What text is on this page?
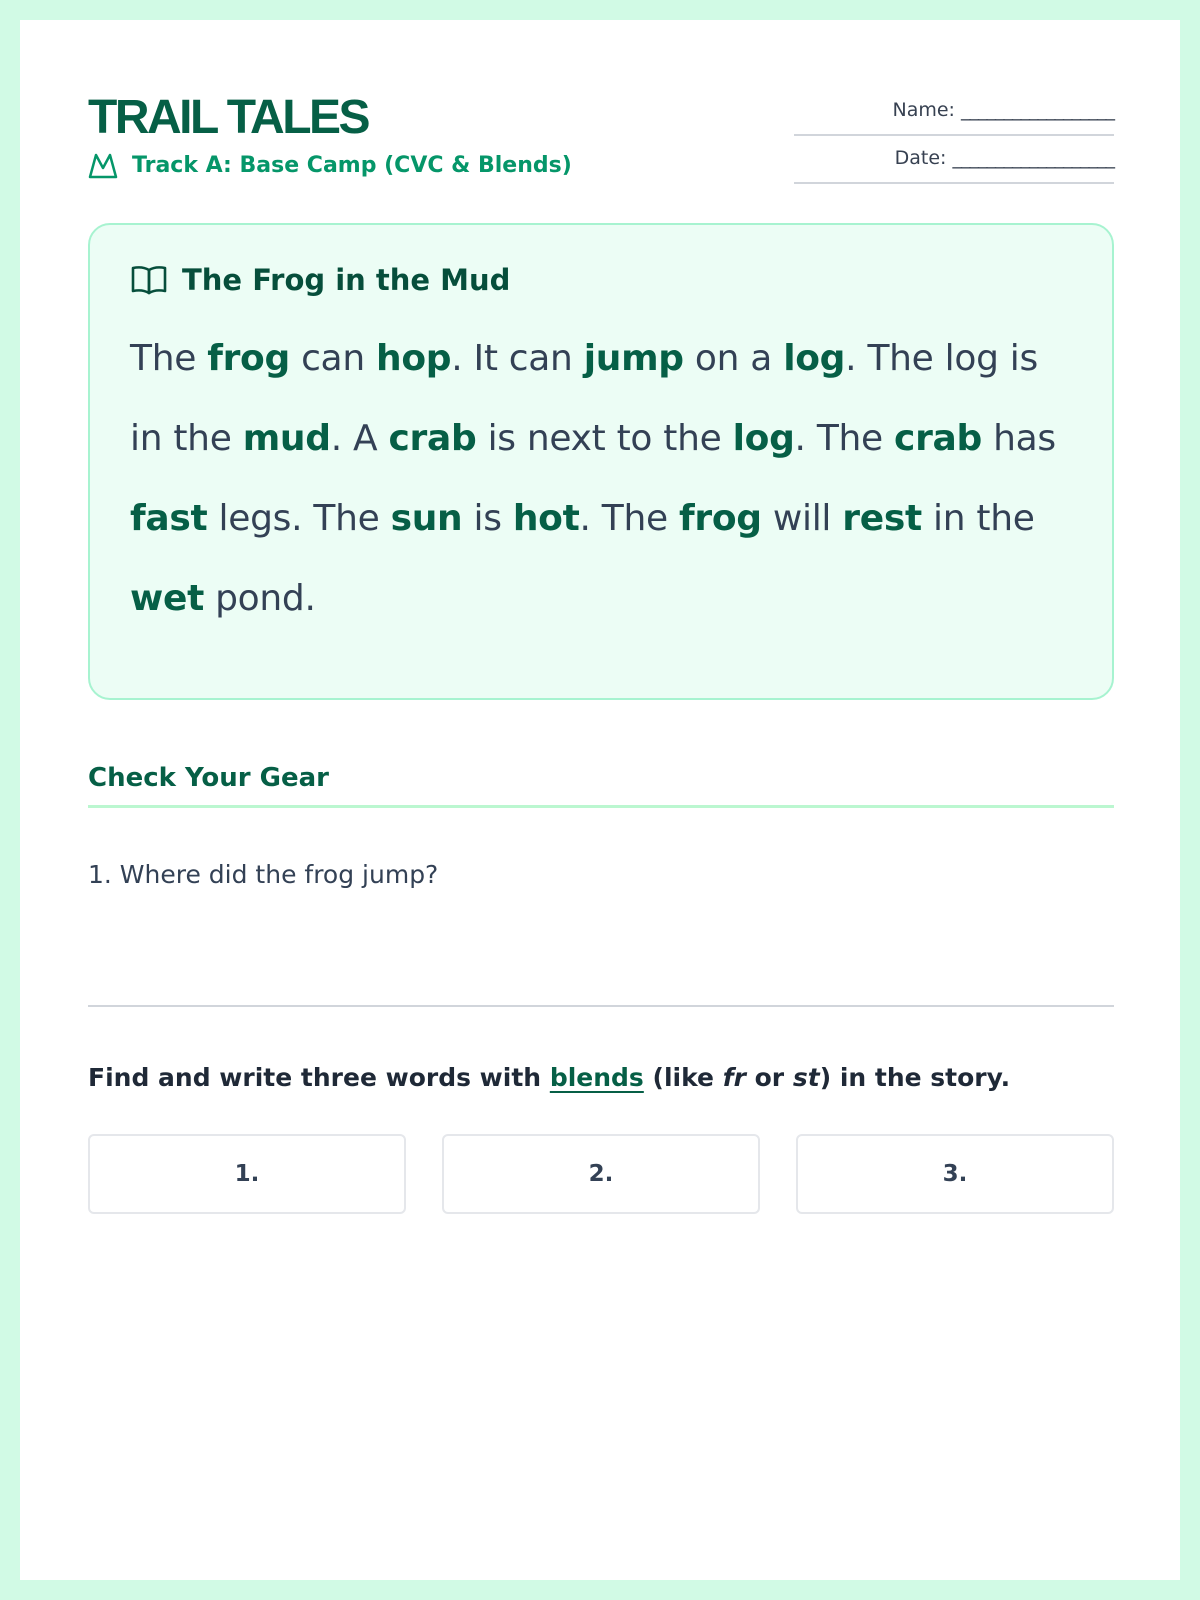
TRAIL TALES
Track A: Base Camp (CVC & Blends)
Name: __________________
Date: ___________________
The Frog in the Mud

The frog can hop. It can jump on a log. The log is in the mud. A crab is next to the log. The crab has fast legs. The sun is hot. The frog will rest in the wet pond.

Check Your Gear
1. Where did the frog jump?
Find and write three words with blends (like fr or st) in the story.
1.	2.	3.
